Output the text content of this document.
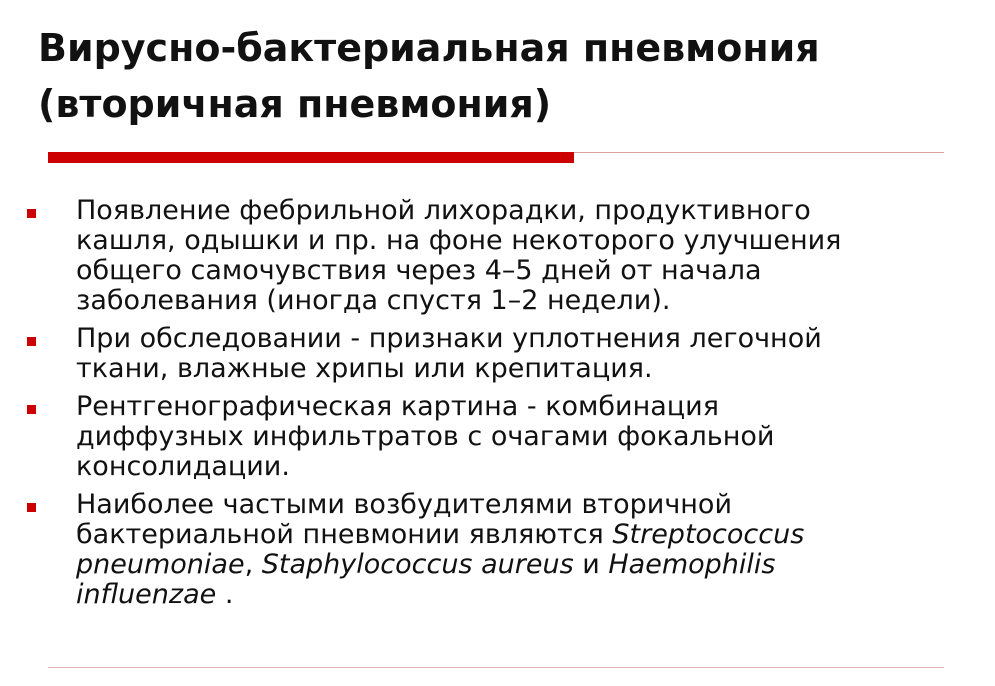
Вирусно-бактериальная пневмония
(вторичная пневмония)
Появление фебрильной лихорадки, продуктивного
кашля, одышки и пр. на фоне некоторого улучшения
общего самочувствия через 4–5 дней от начала
заболевания (иногда спустя 1–2 недели).
При обследовании - признаки уплотнения легочной
ткани, влажные хрипы или крепитация.
Рентгенографическая картина - комбинация
диффузных инфильтратов с очагами фокальной
консолидации.
Наиболее частыми возбудителями вторичной
бактериальной пневмонии являются Streptococcus
pneumoniae, Staphylococcus aureus и Haemophilis
influenzae .
